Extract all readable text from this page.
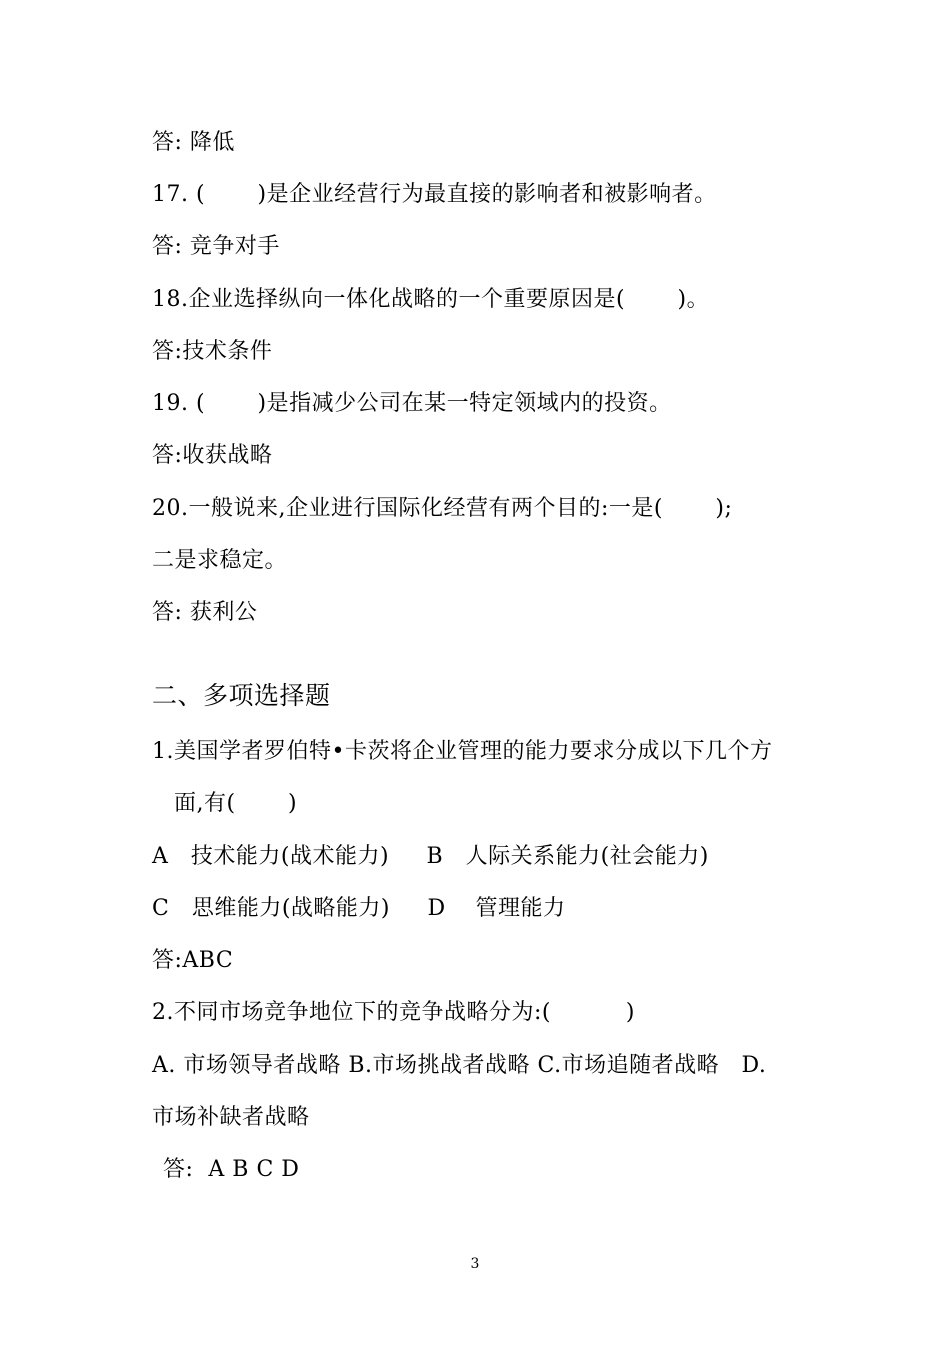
答: 降低
17. (       )是企业经营行为最直接的影响者和被影响者。
答: 竞争对手
18.企业选择纵向一体化战略的一个重要原因是(       )。
答:技术条件
19. (       )是指减少公司在某一特定领域内的投资。
答:收获战略
20.一般说来,企业进行国际化经营有两个目的:一是(       );
二是求稳定。
答: 获利公
二、多项选择题
1.美国学者罗伯特•卡茨将企业管理的能力要求分成以下几个方
面,有(       )
A   技术能力(战术能力)     B   人际关系能力(社会能力)
C   思维能力(战略能力)     D    管理能力
答:ABC
2.不同市场竞争地位下的竞争战略分为:(          )
A. 市场领导者战略 B.市场挑战者战略 C.市场追随者战略   D.
市场补缺者战略
答:  A B C D
3
